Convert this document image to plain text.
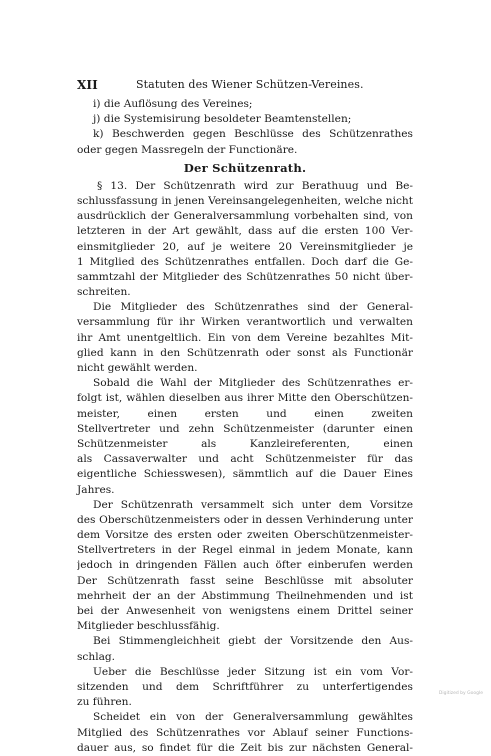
XII	Statuten des Wiener Schützen-Vereines.
i) die Auflösung des Vereines;
j) die Systemisirung besoldeter Beamtenstellen;
k) Beschwerden gegen Beschlüsse des Schützenrathes
oder gegen Massregeln der Functionäre.
Der Schützenrath.
§ 13. Der Schützenrath wird zur Berathuug und Be-
schlussfassung in jenen Vereinsangelegenheiten, welche nicht
ausdrücklich der Generalversammlung vorbehalten sind, von
letzteren in der Art gewählt, dass auf die ersten 100 Ver-
einsmitglieder 20, auf je weitere 20 Vereinsmitglieder je
1 Mitglied des Schützenrathes entfallen. Doch darf die Ge-
sammtzahl der Mitglieder des Schützenrathes 50 nicht über-
schreiten.
Die Mitglieder des Schützenrathes sind der General-
versammlung für ihr Wirken verantwortlich und verwalten
ihr Amt unentgeltlich. Ein von dem Vereine bezahltes Mit-
glied kann in den Schützenrath oder sonst als Functionär
nicht gewählt werden.
Sobald die Wahl der Mitglieder des Schützenrathes er-
folgt ist, wählen dieselben aus ihrer Mitte den Oberschützen-
meister, einen ersten und einen zweiten
Stellvertreter und zehn Schützenmeister (darunter einen
Schützenmeister als Kanzleireferenten, einen
als Cassaverwalter und acht Schützenmeister für das
eigentliche Schiesswesen), sämmtlich auf die Dauer Eines
Jahres.
Der Schützenrath versammelt sich unter dem Vorsitze
des Oberschützenmeisters oder in dessen Verhinderung unter
dem Vorsitze des ersten oder zweiten Oberschützenmeister-
Stellvertreters in der Regel einmal in jedem Monate, kann
jedoch in dringenden Fällen auch öfter einberufen werden
Der Schützenrath fasst seine Beschlüsse mit absoluter
mehrheit der an der Abstimmung Theilnehmenden und ist
bei der Anwesenheit von wenigstens einem Drittel seiner
Mitglieder beschlussfähig.
Bei Stimmengleichheit giebt der Vorsitzende den Aus-
schlag.
Ueber die Beschlüsse jeder Sitzung ist ein vom Vor-
sitzenden und dem Schriftführer zu unterfertigendes
zu führen.
Scheidet ein von der Generalversammlung gewähltes
Mitglied des Schützenrathes vor Ablauf seiner Functions-
dauer aus, so findet für die Zeit bis zur nächsten General-
Digitized by Google
